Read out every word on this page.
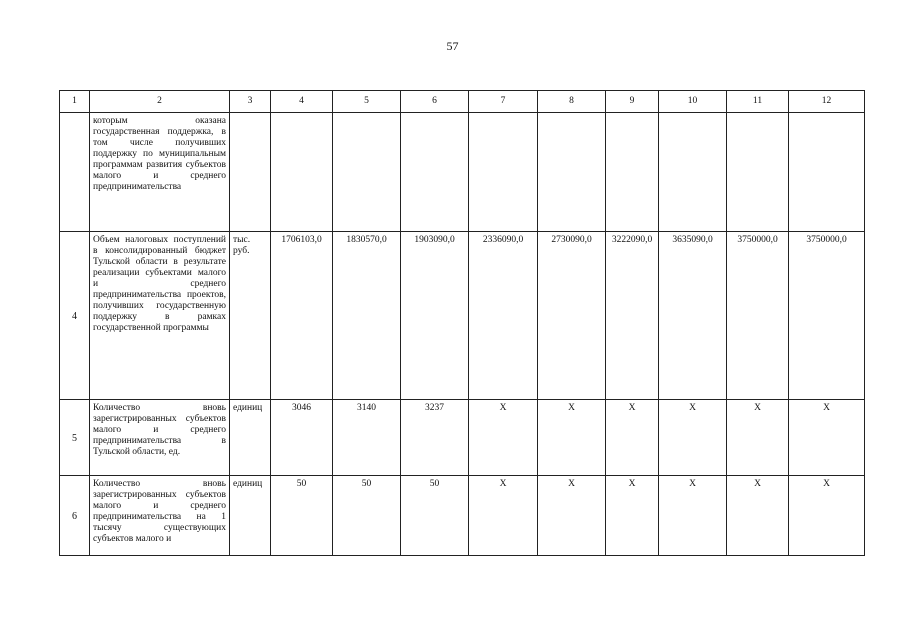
57
1	2	3	4	5	6	7	8	9	10	11	12
	которым оказана государственная поддержка, в том числе получивших поддержку по муниципальным программам развития субъектов малого и среднего предпринимательства										
4	Объем налоговых поступлений в консолидированный бюджет Тульской области в результате реализации субъектами малого и среднего предпринимательства проектов, получивших государственную поддержку в рамках государственной программы	тыс. руб.	1706103,0	1830570,0	1903090,0	2336090,0	2730090,0	3222090,0	3635090,0	3750000,0	3750000,0
5	Количество вновь зарегистрированных субъектов малого и среднего предпринимательства в Тульской области, ед.	единиц	3046	3140	3237	Х	Х	Х	Х	Х	Х
6	Количество вновь зарегистрированных субъектов малого и среднего предпринимательства на 1 тысячу существующих субъектов малого и	единиц	50	50	50	Х	Х	Х	Х	Х	Х
